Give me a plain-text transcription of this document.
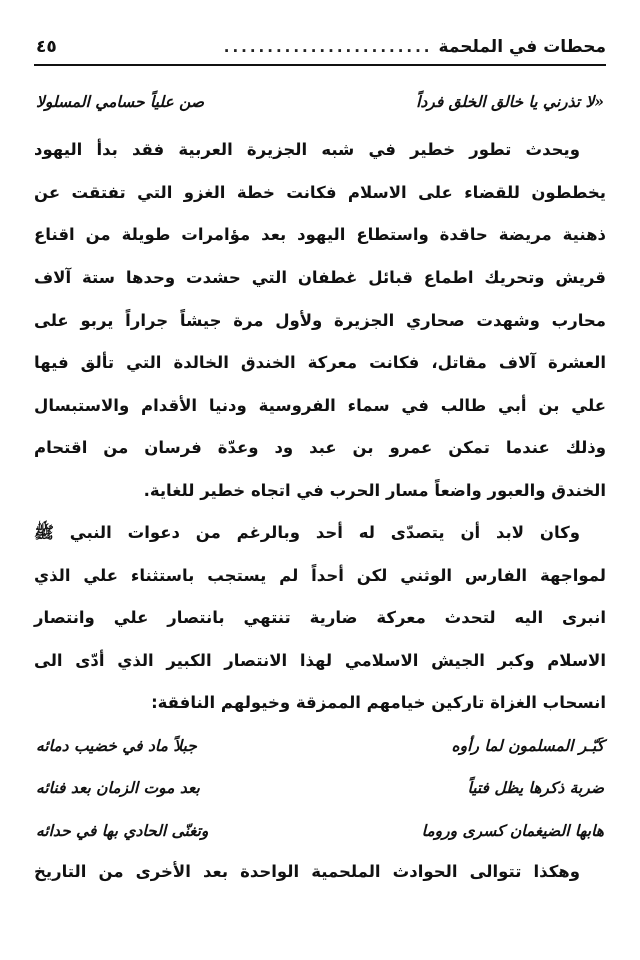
محطات في الملحمة
........................
٤٥
«لا تذرني يا خالق الخلق فرداً
صن علياً حسامي المسلولا
ويحدث تطور خطير في شبه الجزيرة العربية فقد بدأ اليهود
يخططون للقضاء على الاسلام فكانت خطة الغزو التي تفتقت عن
ذهنية مريضة حاقدة واستطاع اليهود بعد مؤامرات طويلة من اقناع
قريش وتحريك اطماع قبائل غطفان التي حشدت وحدها ستة آلاف
محارب وشهدت صحاري الجزيرة ولأول مرة جيشاً جراراً يربو على
العشرة آلاف مقاتل، فكانت معركة الخندق الخالدة التي تألق فيها
علي بن أبي طالب في سماء الفروسية ودنيا الأقدام والاستبسال
وذلك عندما تمكن عمرو بن عبد ود وعدّة فرسان من اقتحام
الخندق والعبور واضعاً مسار الحرب في اتجاه خطير للغاية.
وكان لابد أن يتصدّى له أحد وبالرغم من دعوات النبي ﷺ
لمواجهة الفارس الوثني لكن أحداً لم يستجب باستثناء علي الذي
انبرى اليه لتحدث معركة ضارية تنتهي بانتصار علي وانتصار
الاسلام وكبر الجيش الاسلامي لهذا الانتصار الكبير الذي أدّى الى
انسحاب الغزاة تاركين خيامهم الممزقة وخيولهم النافقة:
كَبّـر المسلمون لما رأوه
جبلاً ماد في خضيب دمائه
ضربة ذكرها يظل فتياً
بعد موت الزمان بعد فنائه
هابها الضيغمان كسرى وروما
وتغنّى الحادي بها في حدائه
وهكذا تتوالى الحوادث الملحمية الواحدة بعد الأخرى من التاريخ
